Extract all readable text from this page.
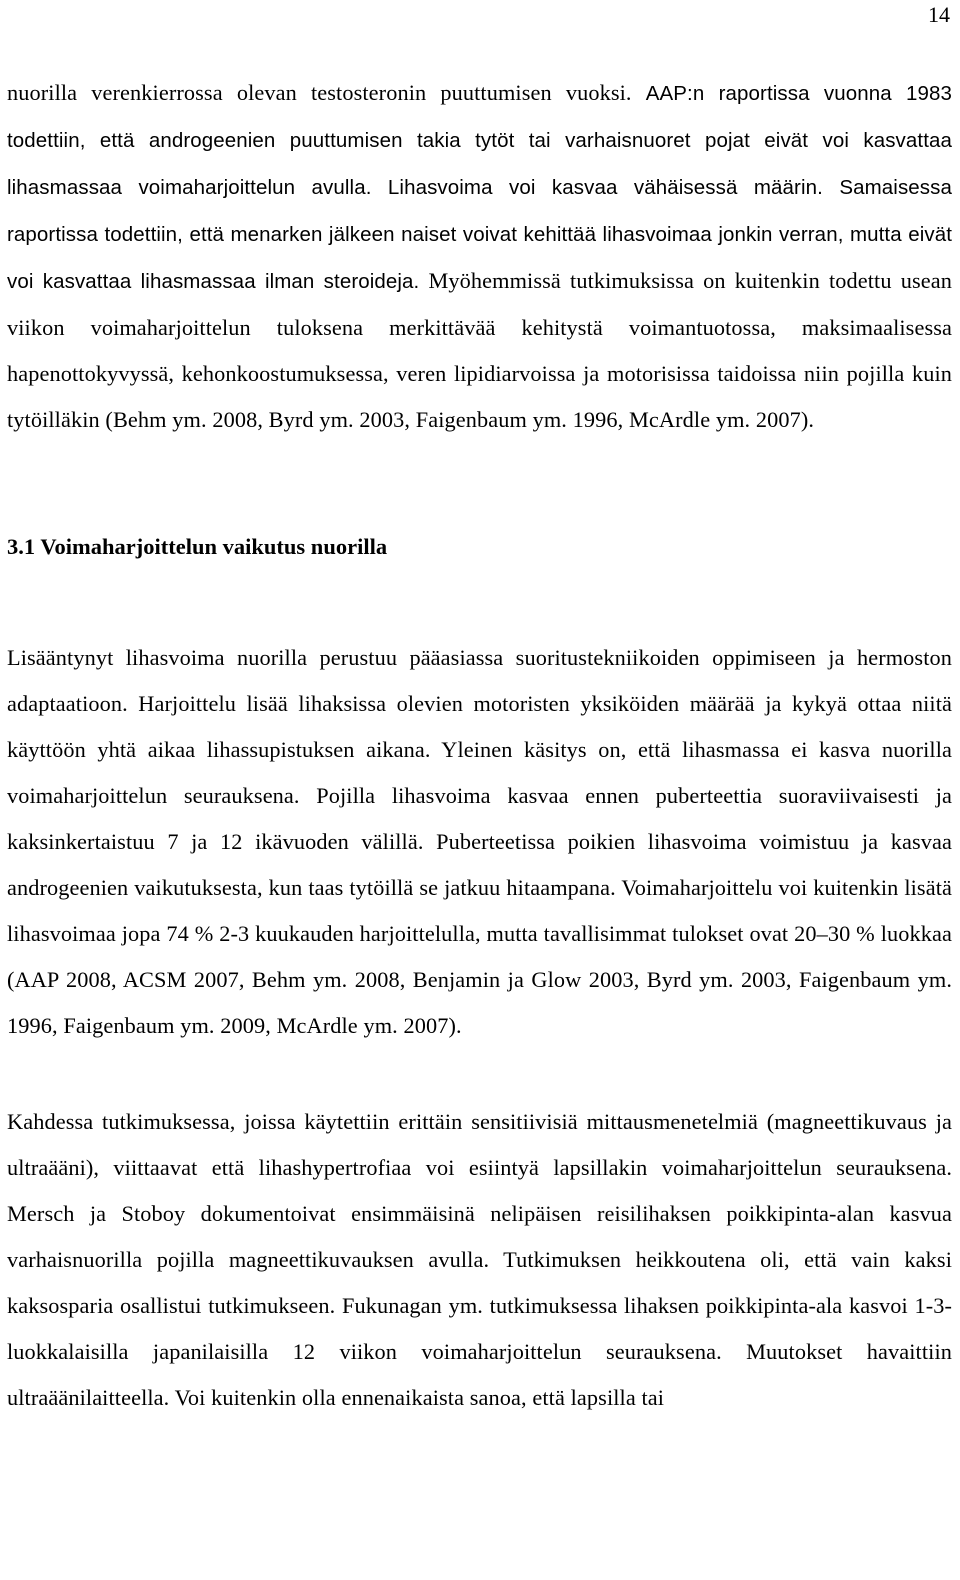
14

nuorilla verenkierrossa olevan testosteronin puuttumisen vuoksi. AAP:n raportissa vuonna 1983 todettiin, että androgeenien puuttumisen takia tytöt tai varhaisnuoret pojat eivät voi kasvattaa lihasmassaa voimaharjoittelun avulla. Lihasvoima voi kasvaa vähäisessä määrin. Samaisessa raportissa todettiin, että menarken jälkeen naiset voivat kehittää lihasvoimaa jonkin verran, mutta eivät voi kasvattaa lihasmassaa ilman steroideja. Myöhemmissä tutkimuksissa on kuitenkin todettu usean viikon voimaharjoittelun tuloksena merkittävää kehitystä voimantuotossa, maksimaalisessa hapenottokyvyssä, kehonkoostumuksessa, veren lipidiarvoissa ja motorisissa taidoissa niin pojilla kuin tytöilläkin (Behm ym. 2008, Byrd ym. 2003, Faigenbaum ym. 1996, McArdle ym. 2007).

3.1 Voimaharjoittelun vaikutus nuorilla

Lisääntynyt lihasvoima nuorilla perustuu pääasiassa suoritustekniikoiden oppimiseen ja hermoston adaptaatioon. Harjoittelu lisää lihaksissa olevien motoristen yksiköiden määrää ja kykyä ottaa niitä käyttöön yhtä aikaa lihassupistuksen aikana. Yleinen käsitys on, että lihasmassa ei kasva nuorilla voimaharjoittelun seurauksena. Pojilla lihasvoima kasvaa ennen puberteettia suoraviivaisesti ja kaksinkertaistuu 7 ja 12 ikävuoden välillä. Puberteetissa poikien lihasvoima voimistuu ja kasvaa androgeenien vaikutuksesta, kun taas tytöillä se jatkuu hitaampana. Voimaharjoittelu voi kuitenkin lisätä lihasvoimaa jopa 74 % 2-3 kuukauden harjoittelulla, mutta tavallisimmat tulokset ovat 20–30 % luokkaa (AAP 2008, ACSM 2007, Behm ym. 2008, Benjamin ja Glow 2003, Byrd ym. 2003, Faigenbaum ym. 1996, Faigenbaum ym. 2009, McArdle ym. 2007).

Kahdessa tutkimuksessa, joissa käytettiin erittäin sensitiivisiä mittausmenetelmiä (magneettikuvaus ja ultraääni), viittaavat että lihashypertrofiaa voi esiintyä lapsillakin voimaharjoittelun seurauksena. Mersch ja Stoboy dokumentoivat ensimmäisinä nelipäisen reisilihaksen poikkipinta-alan kasvua varhaisnuorilla pojilla magneettikuvauksen avulla. Tutkimuksen heikkoutena oli, että vain kaksi kaksosparia osallistui tutkimukseen. Fukunagan ym. tutkimuksessa lihaksen poikkipinta-ala kasvoi 1-3-luokkalaisilla japanilaisilla 12 viikon voimaharjoittelun seurauksena. Muutokset havaittiin ultraäänilaitteella. Voi kuitenkin olla ennenaikaista sanoa, että lapsilla tai
